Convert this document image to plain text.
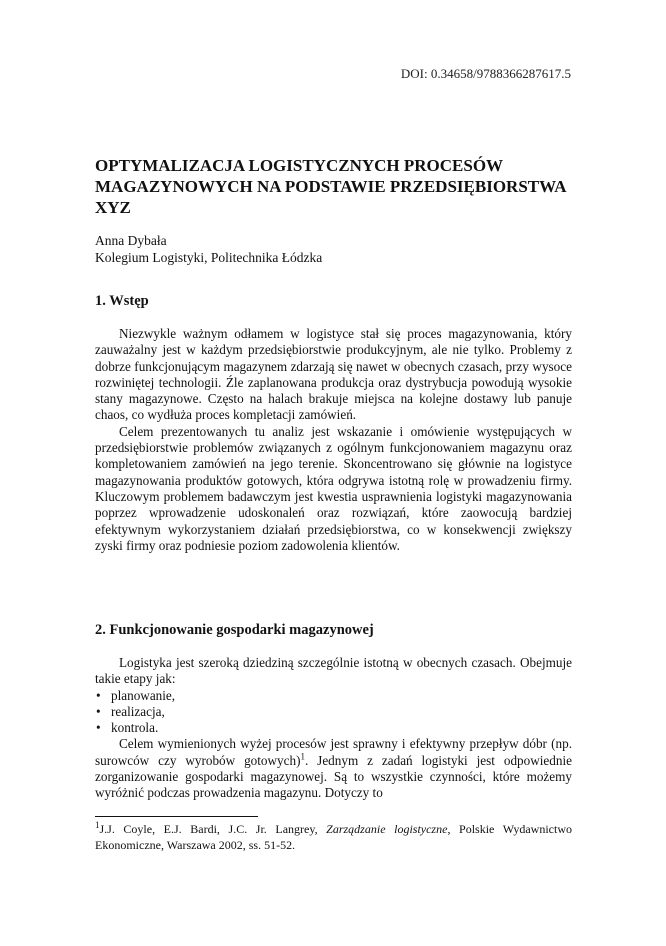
DOI: 0.34658/9788366287617.5
OPTYMALIZACJA LOGISTYCZNYCH PROCESÓW MAGAZYNOWYCH NA PODSTAWIE PRZEDSIĘBIORSTWA XYZ
Anna Dybała
Kolegium Logistyki, Politechnika Łódzka
1. Wstęp

Niezwykle ważnym odłamem w logistyce stał się proces magazynowania, który zauważalny jest w każdym przedsiębiorstwie produkcyjnym, ale nie tylko. Problemy z dobrze funkcjonującym magazynem zdarzają się nawet w obecnych czasach, przy wysoce rozwiniętej technologii. Źle zaplanowana produkcja oraz dystrybucja powodują wysokie stany magazynowe. Często na halach brakuje miejsca na kolejne dostawy lub panuje chaos, co wydłuża proces kompletacji zamówień.

Celem prezentowanych tu analiz jest wskazanie i omówienie występujących w przedsiębiorstwie problemów związanych z ogólnym funkcjonowaniem magazynu oraz kompletowaniem zamówień na jego terenie. Skoncentrowano się głównie na logistyce magazynowania produktów gotowych, która odgrywa istotną rolę w prowadzeniu firmy. Kluczowym problemem badawczym jest kwestia usprawnienia logistyki magazynowania poprzez wprowadzenie udoskonaleń oraz rozwiązań, które zaowocują bardziej efektywnym wykorzystaniem działań przedsiębiorstwa, co w konsekwencji zwiększy zyski firmy oraz podniesie poziom zadowolenia klientów.

2. Funkcjonowanie gospodarki magazynowej

Logistyka jest szeroką dziedziną szczególnie istotną w obecnych czasach. Obejmuje takie etapy jak:

• planowanie,
• realizacja,
• kontrola.

Celem wymienionych wyżej procesów jest sprawny i efektywny przepływ dóbr (np. surowców czy wyrobów gotowych)$^1$. Jednym z zadań logistyki jest odpowiednie zorganizowanie gospodarki magazynowej. Są to wszystkie czynności, które możemy wyróżnić podczas prowadzenia magazynu. Dotyczy to

$^1$J.J. Coyle, E.J. Bardi, J.C. Jr. Langrey, Zarządzanie logistyczne, Polskie Wydawnictwo Ekonomiczne, Warszawa 2002, ss. 51-52.
